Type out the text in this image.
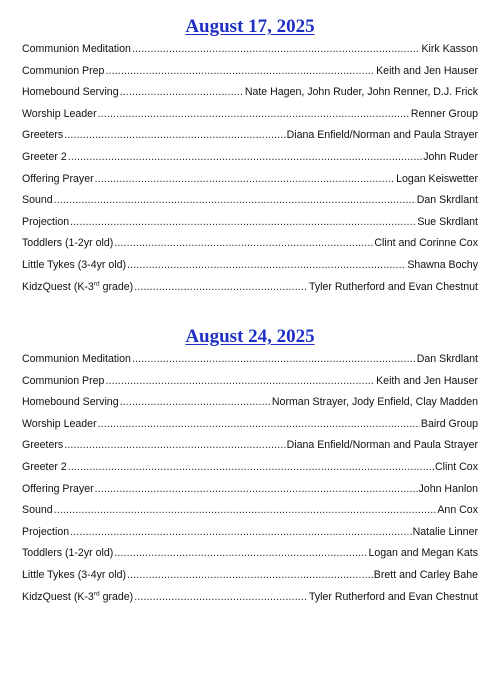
August 17, 2025
Communion Meditation . . .	Kirk Kasson
Communion Prep . . .	Keith and Jen Hauser
Homebound Serving . . .	Nate Hagen, John Ruder, John Renner, D.J. Frick
Worship Leader . . .	Renner Group
Greeters . . .	Diana Enfield/Norman and Paula Strayer
Greeter 2 . . .	John Ruder
Offering Prayer . . .	Logan Keiswetter
Sound . . .	Dan Skrdlant
Projection . . .	Sue Skrdlant
Toddlers (1-2yr old) . . .	Clint and Corinne Cox
Little Tykes (3-4yr old) . . .	Shawna Bochy
KidzQuest (K-3rd grade) . . .	Tyler Rutherford and Evan Chestnut
August 24, 2025
Communion Meditation . . .	Dan Skrdlant
Communion Prep . . .	Keith and Jen Hauser
Homebound Serving . . .	Norman Strayer, Jody Enfield, Clay Madden
Worship Leader . . .	Baird Group
Greeters . . .	Diana Enfield/Norman and Paula Strayer
Greeter 2 . . .	Clint Cox
Offering Prayer . . .	John Hanlon
Sound . . .	Ann Cox
Projection . . .	Natalie Linner
Toddlers (1-2yr old) . . .	Logan and Megan Kats
Little Tykes (3-4yr old) . . .	Brett and Carley Bahe
KidzQuest (K-3rd grade) . . .	Tyler Rutherford and Evan Chestnut
